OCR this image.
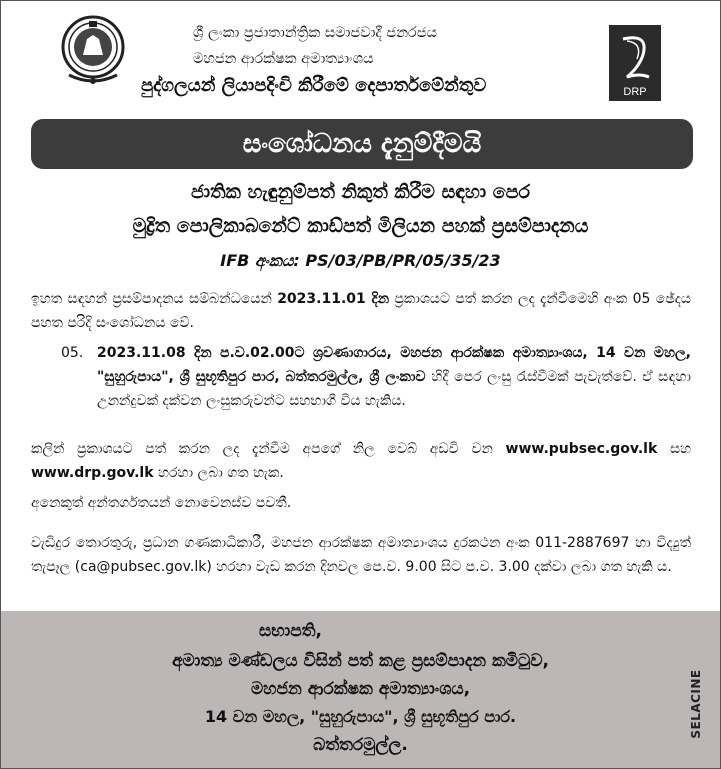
ශ්‍රී ලංකා ප්‍රජාතාන්ත්‍රික සමාජවාදී ජනරජය
මහජන ආරක්ෂක අමාත්‍යාංශය
පුද්ගලයන් ලියාපදිංචි කිරීමේ දෙපාර්තමේන්තුව	DRP
සංශෝධනය දැනුම්දීමයි
ජාතික හැඳුනුම්පත් නිකුත් කිරීම සඳහා පෙර
මුද්‍රිත පොලිකාබනේට් කාඩ්පත් මිලියන පහක් ප්‍රසම්පාදනය
IFB අංකය: PS/03/PB/PR/05/35/23
ඉහත සඳහන් ප්‍රසම්පාදනය සම්බන්ධයෙන් 2023.11.01 දින ප්‍රකාශයට පත් කරන ලද දැන්වීමෙහි අංක 05 ඡේදය පහත පරිදි සංශෝධනය වේ.
05. 2023.11.08 දින ප.ව.02.00ට ශ්‍රවණාගාරය, මහජන ආරක්ෂක අමාත්‍යාංශය, 14 වන මහල, "සුහුරුපාය", ශ්‍රී සුභූතිපුර පාර, බත්තරමුල්ල, ශ්‍රී ලංකාව හිදී පෙර ලංසු රැස්වීමක් පැවැත්වේ. ඒ සඳහා උනන්දුවක් දක්වන ලංසුකරුවන්ට සහභාගී විය හැකිය.
කලින් ප්‍රකාශයට පත් කරන ලද දැන්වීම අපගේ නිල වෙබ් අඩවි වන www.pubsec.gov.lk සහ www.drp.gov.lk හරහා ලබා ගත හැක.
අනෙකුත් අන්තර්ගතයන් නොවෙනස්ව පවතී.
වැඩිදුර තොරතුරු, ප්‍රධාන ගණකාධිකාරී, මහජන ආරක්ෂක අමාත්‍යාංශය දුරකථන අංක 011-2887697 හා විද්‍යුත් තැපෑල (ca@pubsec.gov.lk) හරහා වැඩ කරන දිනවල පෙ.ව. 9.00 සිට ප.ව. 3.00 දක්වා ලබා ගත හැකි ය.
සභාපති,
අමාත්‍ය මණ්ඩලය විසින් පත් කළ ප්‍රසම්පාදන කමිටුව,
මහජන ආරක්ෂක අමාත්‍යාංශය,
14 වන මහල, "සුහුරුපාය", ශ්‍රී සුභූතිපුර පාර.
බත්තරමුල්ල.
SELACINE
